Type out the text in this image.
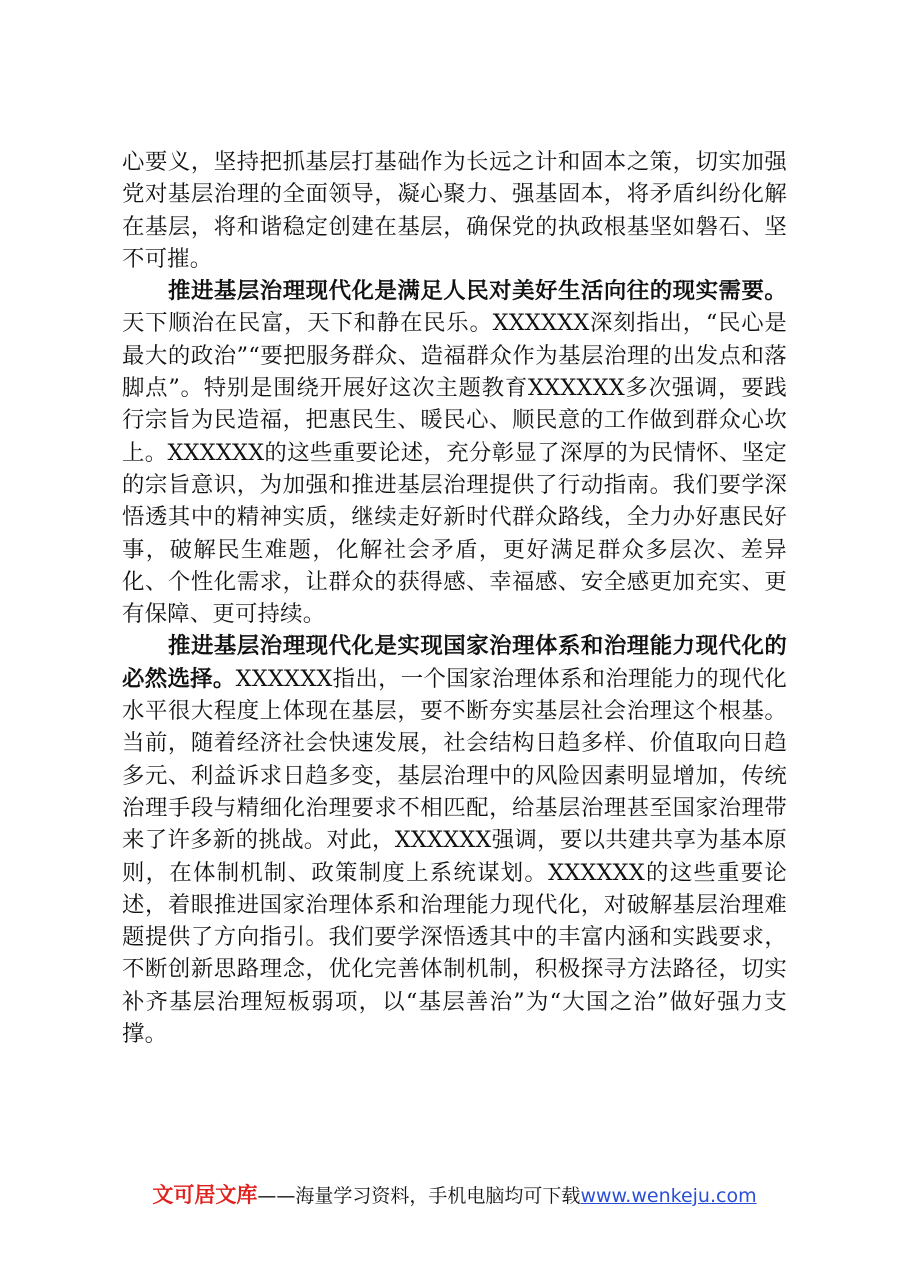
心要义，坚持把抓基层打基础作为长远之计和固本之策，切实加强党对基层治理的全面领导，凝心聚力、强基固本，将矛盾纠纷化解在基层，将和谐稳定创建在基层，确保党的执政根基坚如磐石、坚不可摧。

推进基层治理现代化是满足人民对美好生活向往的现实需要。天下顺治在民富，天下和静在民乐。XXXXXX深刻指出，“民心是最大的政治”“要把服务群众、造福群众作为基层治理的出发点和落脚点”。特别是围绕开展好这次主题教育XXXXXX多次强调，要践行宗旨为民造福，把惠民生、暖民心、顺民意的工作做到群众心坎上。XXXXXX的这些重要论述，充分彰显了深厚的为民情怀、坚定的宗旨意识，为加强和推进基层治理提供了行动指南。我们要学深悟透其中的精神实质，继续走好新时代群众路线，全力办好惠民好事，破解民生难题，化解社会矛盾，更好满足群众多层次、差异化、个性化需求，让群众的获得感、幸福感、安全感更加充实、更有保障、更可持续。

推进基层治理现代化是实现国家治理体系和治理能力现代化的必然选择。XXXXXX指出，一个国家治理体系和治理能力的现代化水平很大程度上体现在基层，要不断夯实基层社会治理这个根基。当前，随着经济社会快速发展，社会结构日趋多样、价值取向日趋多元、利益诉求日趋多变，基层治理中的风险因素明显增加，传统治理手段与精细化治理要求不相匹配，给基层治理甚至国家治理带来了许多新的挑战。对此，XXXXXX强调，要以共建共享为基本原则，在体制机制、政策制度上系统谋划。XXXXXX的这些重要论述，着眼推进国家治理体系和治理能力现代化，对破解基层治理难题提供了方向指引。我们要学深悟透其中的丰富内涵和实践要求，不断创新思路理念，优化完善体制机制，积极探寻方法路径，切实补齐基层治理短板弱项，以“基层善治”为“大国之治”做好强力支撑。

文可居文库——海量学习资料，手机电脑均可下载www.wenkeju.com
